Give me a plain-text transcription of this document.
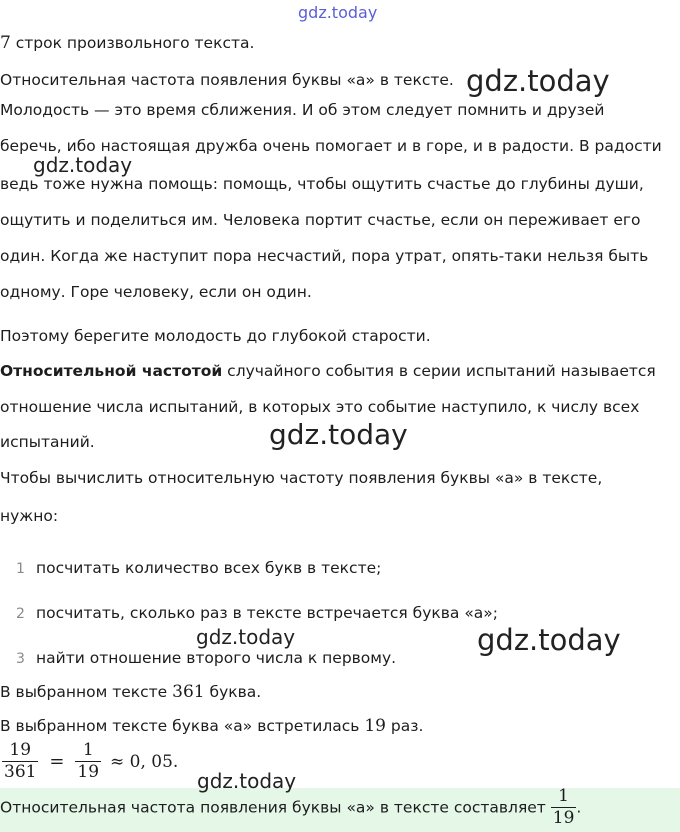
gdz.today
7 строк произвольного текста.
Относительная частота появления буквы «а» в тексте.
Молодость — это время сближения. И об этом следует помнить и друзей
беречь, ибо настоящая дружба очень помогает и в горе, и в радости. В радости
ведь тоже нужна помощь: помощь, чтобы ощутить счастье до глубины души,
ощутить и поделиться им. Человека портит счастье, если он переживает его
один. Когда же наступит пора несчастий, пора утрат, опять-таки нельзя быть
одному. Горе человеку, если он один.
Поэтому берегите молодость до глубокой старости.
Относительной частотой случайного события в серии испытаний называется
отношение числа испытаний, в которых это событие наступило, к числу всех
испытаний.
Чтобы вычислить относительную частоту появления буквы «а» в тексте,
нужно:
1 посчитать количество всех букв в тексте;
2 посчитать, сколько раз в тексте встречается буква «а»;
3 найти отношение второго числа к первому.
В выбранном тексте 361 буква.
В выбранном тексте буква «а» встретилась 19 раз.
$\frac{19}{361} = \frac{1}{19} \approx 0$, 05.
Относительная частота появления буквы «а» в тексте составляет $\frac{1}{19}$ .
gdz.today
gdz.today
gdz.today
gdz.today	gdz.today
gdz.today
